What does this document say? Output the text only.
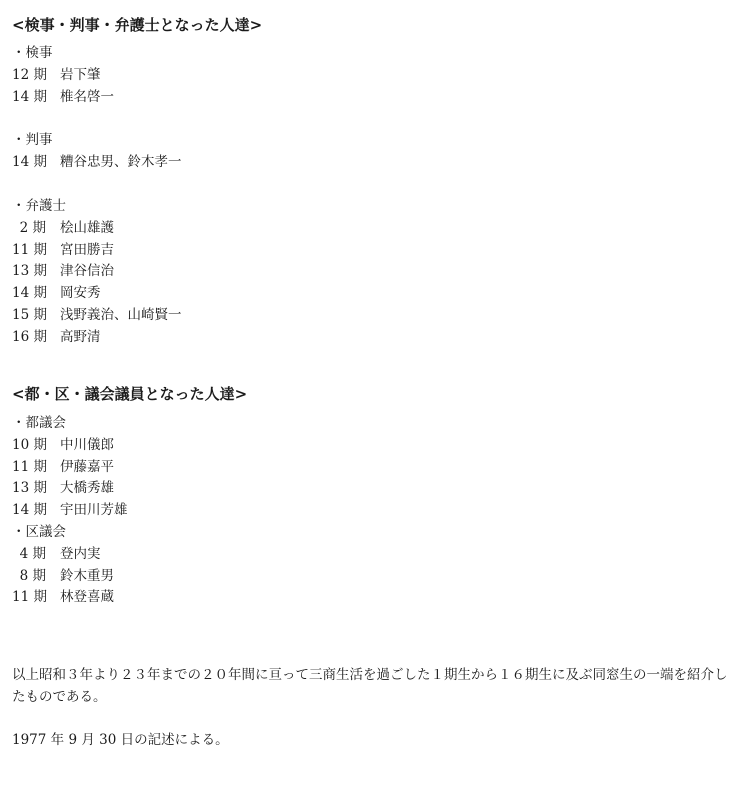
<検事・判事・弁護士となった人達>
・検事
12 期 岩下肇
14 期 椎名啓一
・判事
14 期 糟谷忠男、鈴木孝一
・弁護士
2 期	桧山雄護
11 期 宮田勝吉
13 期 津谷信治
14 期 岡安秀
15 期 浅野義治、山崎賢一
16 期 高野清
<都・区・議会議員となった人達>
・都議会
10 期 中川儀郎
11 期 伊藤嘉平
13 期 大橋秀雄
14 期 宇田川芳雄
・区議会
4 期	登内実
8 期	鈴木重男
11 期 林登喜蔵

以上昭和３年より２３年までの２０年間に亘って三商生活を過ごした１期生から１６期生に及ぶ同窓生の一端を紹介したものである。

1977 年 9 月 30 日の記述による。
